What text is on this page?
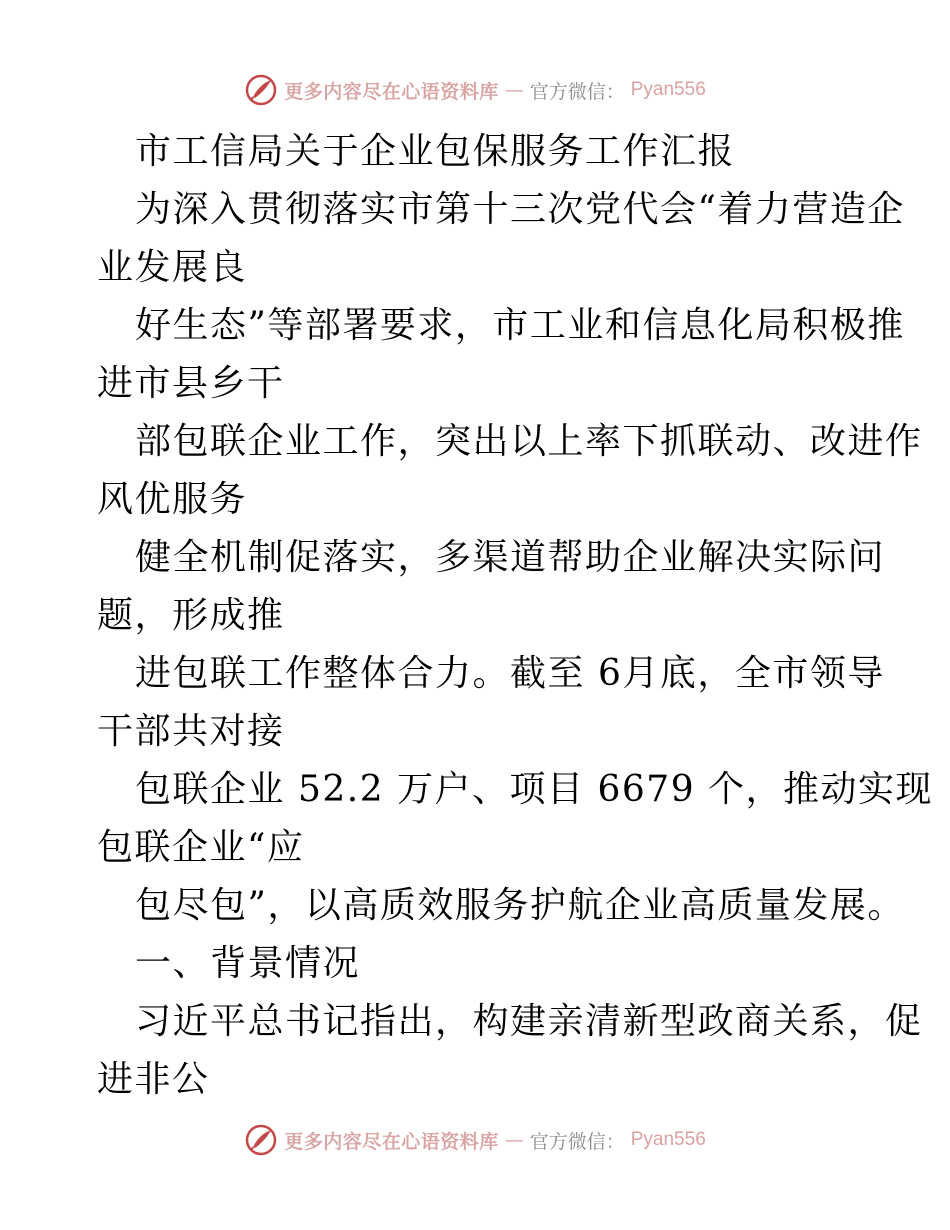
更多内容尽在心语资料库 — 官方微信： Pyan556
市工信局关于企业包保服务工作汇报
为深入贯彻落实市第十三次党代会“着力营造企
业发展良
好生态”等部署要求，市工业和信息化局积极推
进市县乡干
部包联企业工作，突出以上率下抓联动、改进作
风优服务
健全机制促落实，多渠道帮助企业解决实际问
题，形成推
进包联工作整体合力。截至 6月底，全市领导
干部共对接
包联企业 52.2 万户、项目 6679 个，推动实现
包联企业“应
包尽包”，以高质效服务护航企业高质量发展。
一、背景情况
习近平总书记指出，构建亲清新型政商关系，促
进非公
更多内容尽在心语资料库 — 官方微信： Pyan556
